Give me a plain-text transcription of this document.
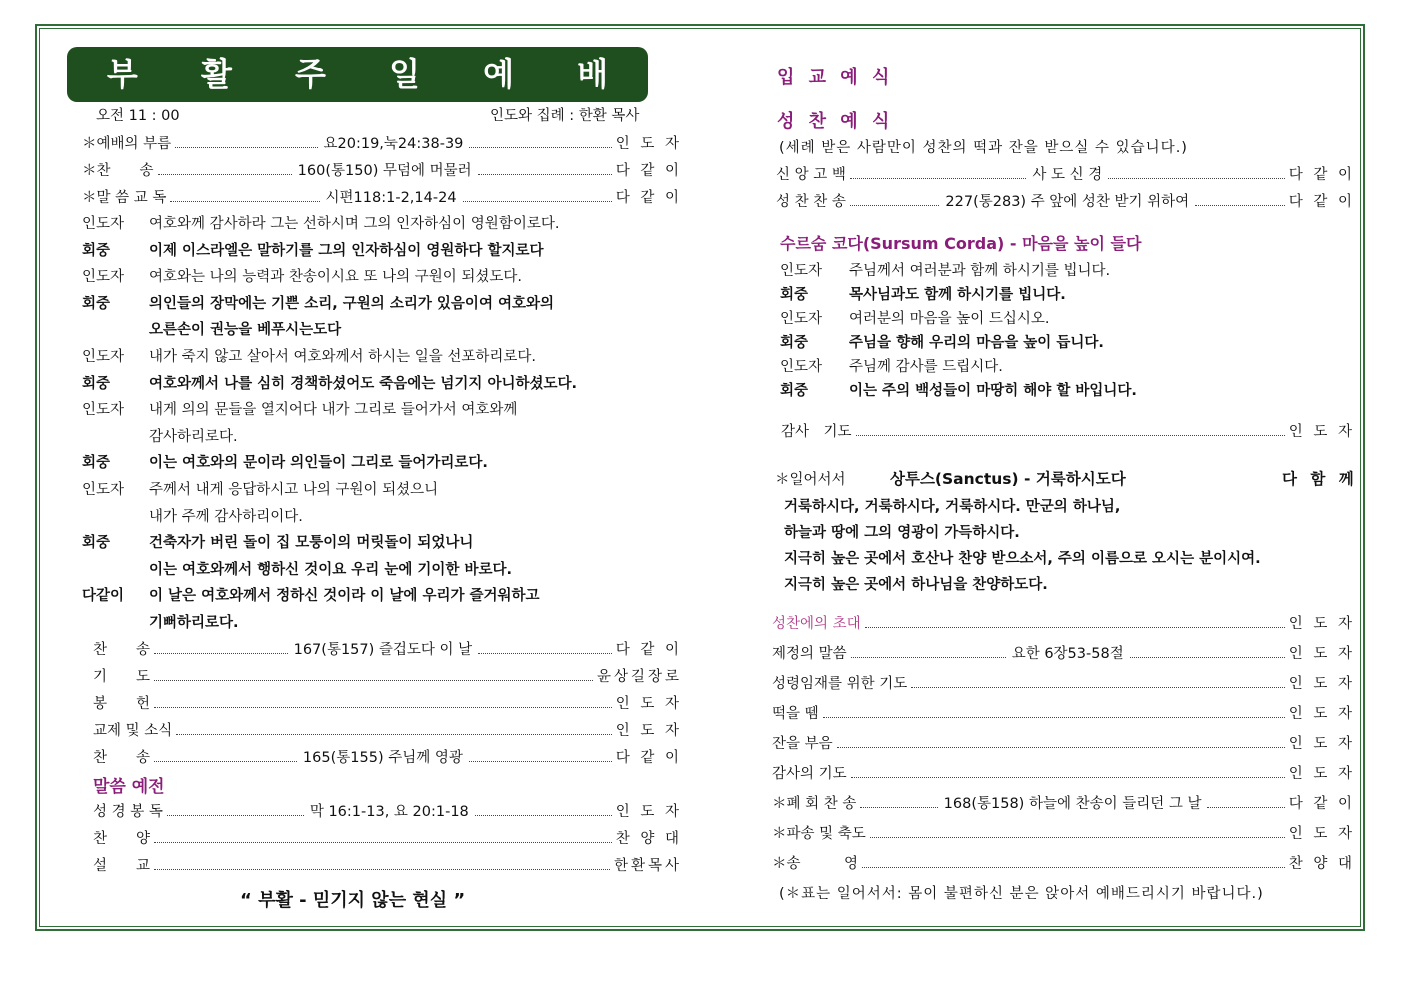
부 활 주 일 예 배
오전 11 : 00	인도와 집례 : 한환 목사
＊예배의 부름	요20:19,눅24:38-39	인 도 자
＊찬　　송	160(통150) 무덤에 머물러	다 같 이
＊말 씀 교 독	시편118:1-2,14-24	다 같 이
인도자 여호와께 감사하라 그는 선하시며 그의 인자하심이 영원함이로다.
회중	이제 이스라엘은 말하기를 그의 인자하심이 영원하다 할지로다
인도자 여호와는 나의 능력과 찬송이시요 또 나의 구원이 되셨도다.
회중	의인들의 장막에는 기쁜 소리, 구원의 소리가 있음이여 여호와의
오른손이 권능을 베푸시는도다
인도자 내가 죽지 않고 살아서 여호와께서 하시는 일을 선포하리로다.
회중	여호와께서 나를 심히 경책하셨어도 죽음에는 넘기지 아니하셨도다.
인도자 내게 의의 문들을 열지어다 내가 그리로 들어가서 여호와께
감사하리로다.
회중	이는 여호와의 문이라 의인들이 그리로 들어가리로다.
인도자 주께서 내게 응답하시고 나의 구원이 되셨으니
내가 주께 감사하리이다.
회중	건축자가 버린 돌이 집 모퉁이의 머릿돌이 되었나니
이는 여호와께서 행하신 것이요 우리 눈에 기이한 바로다.
다같이 이 날은 여호와께서 정하신 것이라 이 날에 우리가 즐거워하고
기뻐하리로다.
찬　　송	167(통157) 즐겁도다 이 날	다 같 이
기　　도	윤상길장로
봉　　헌	인 도 자
교제 및 소식	인 도 자
찬　　송	165(통155) 주님께 영광	다 같 이
말씀 예전
성 경 봉 독	막 16:1-13, 요 20:1-18	인 도 자
찬　　양	찬 양 대
설　　교	한환목사
“ 부활 - 믿기지 않는 현실 ”
입 교 예 식
성 찬 예 식
(세례 받은 사람만이 성찬의 떡과 잔을 받으실 수 있습니다.)
신 앙 고 백	사 도 신 경	다 같 이
성 찬 찬 송	227(통283) 주 앞에 성찬 받기 위하여	다 같 이
수르숨 코다(Sursum Corda) - 마음을 높이 들다
인도자 주님께서 여러분과 함께 하시기를 빕니다.
회중	목사님과도 함께 하시기를 빕니다.
인도자 여러분의 마음을 높이 드십시오.
회중	주님을 향해 우리의 마음을 높이 듭니다.
인도자 주님께 감사를 드립시다.
회중	이는 주의 백성들이 마땅히 해야 할 바입니다.
감사　기도	인 도 자
＊일어서서	상투스(Sanctus) - 거룩하시도다	다 함 께
거룩하시다, 거룩하시다, 거룩하시다. 만군의 하나님,
하늘과 땅에 그의 영광이 가득하시다.
지극히 높은 곳에서 호산나 찬양 받으소서, 주의 이름으로 오시는 분이시여.
지극히 높은 곳에서 하나님을 찬양하도다.
성찬에의 초대	인 도 자
제정의 말씀	요한 6장53-58절	인 도 자
성령임재를 위한 기도	인 도 자
떡을 뗌	인 도 자
잔을 부음	인 도 자
감사의 기도	인 도 자
＊폐 회 찬 송	168(통158) 하늘에 찬송이 들리던 그 날	다 같 이
＊파송 및 축도	인 도 자
＊송　　　영	찬 양 대
(＊표는 일어서서: 몸이 불편하신 분은 앉아서 예배드리시기 바랍니다.)
